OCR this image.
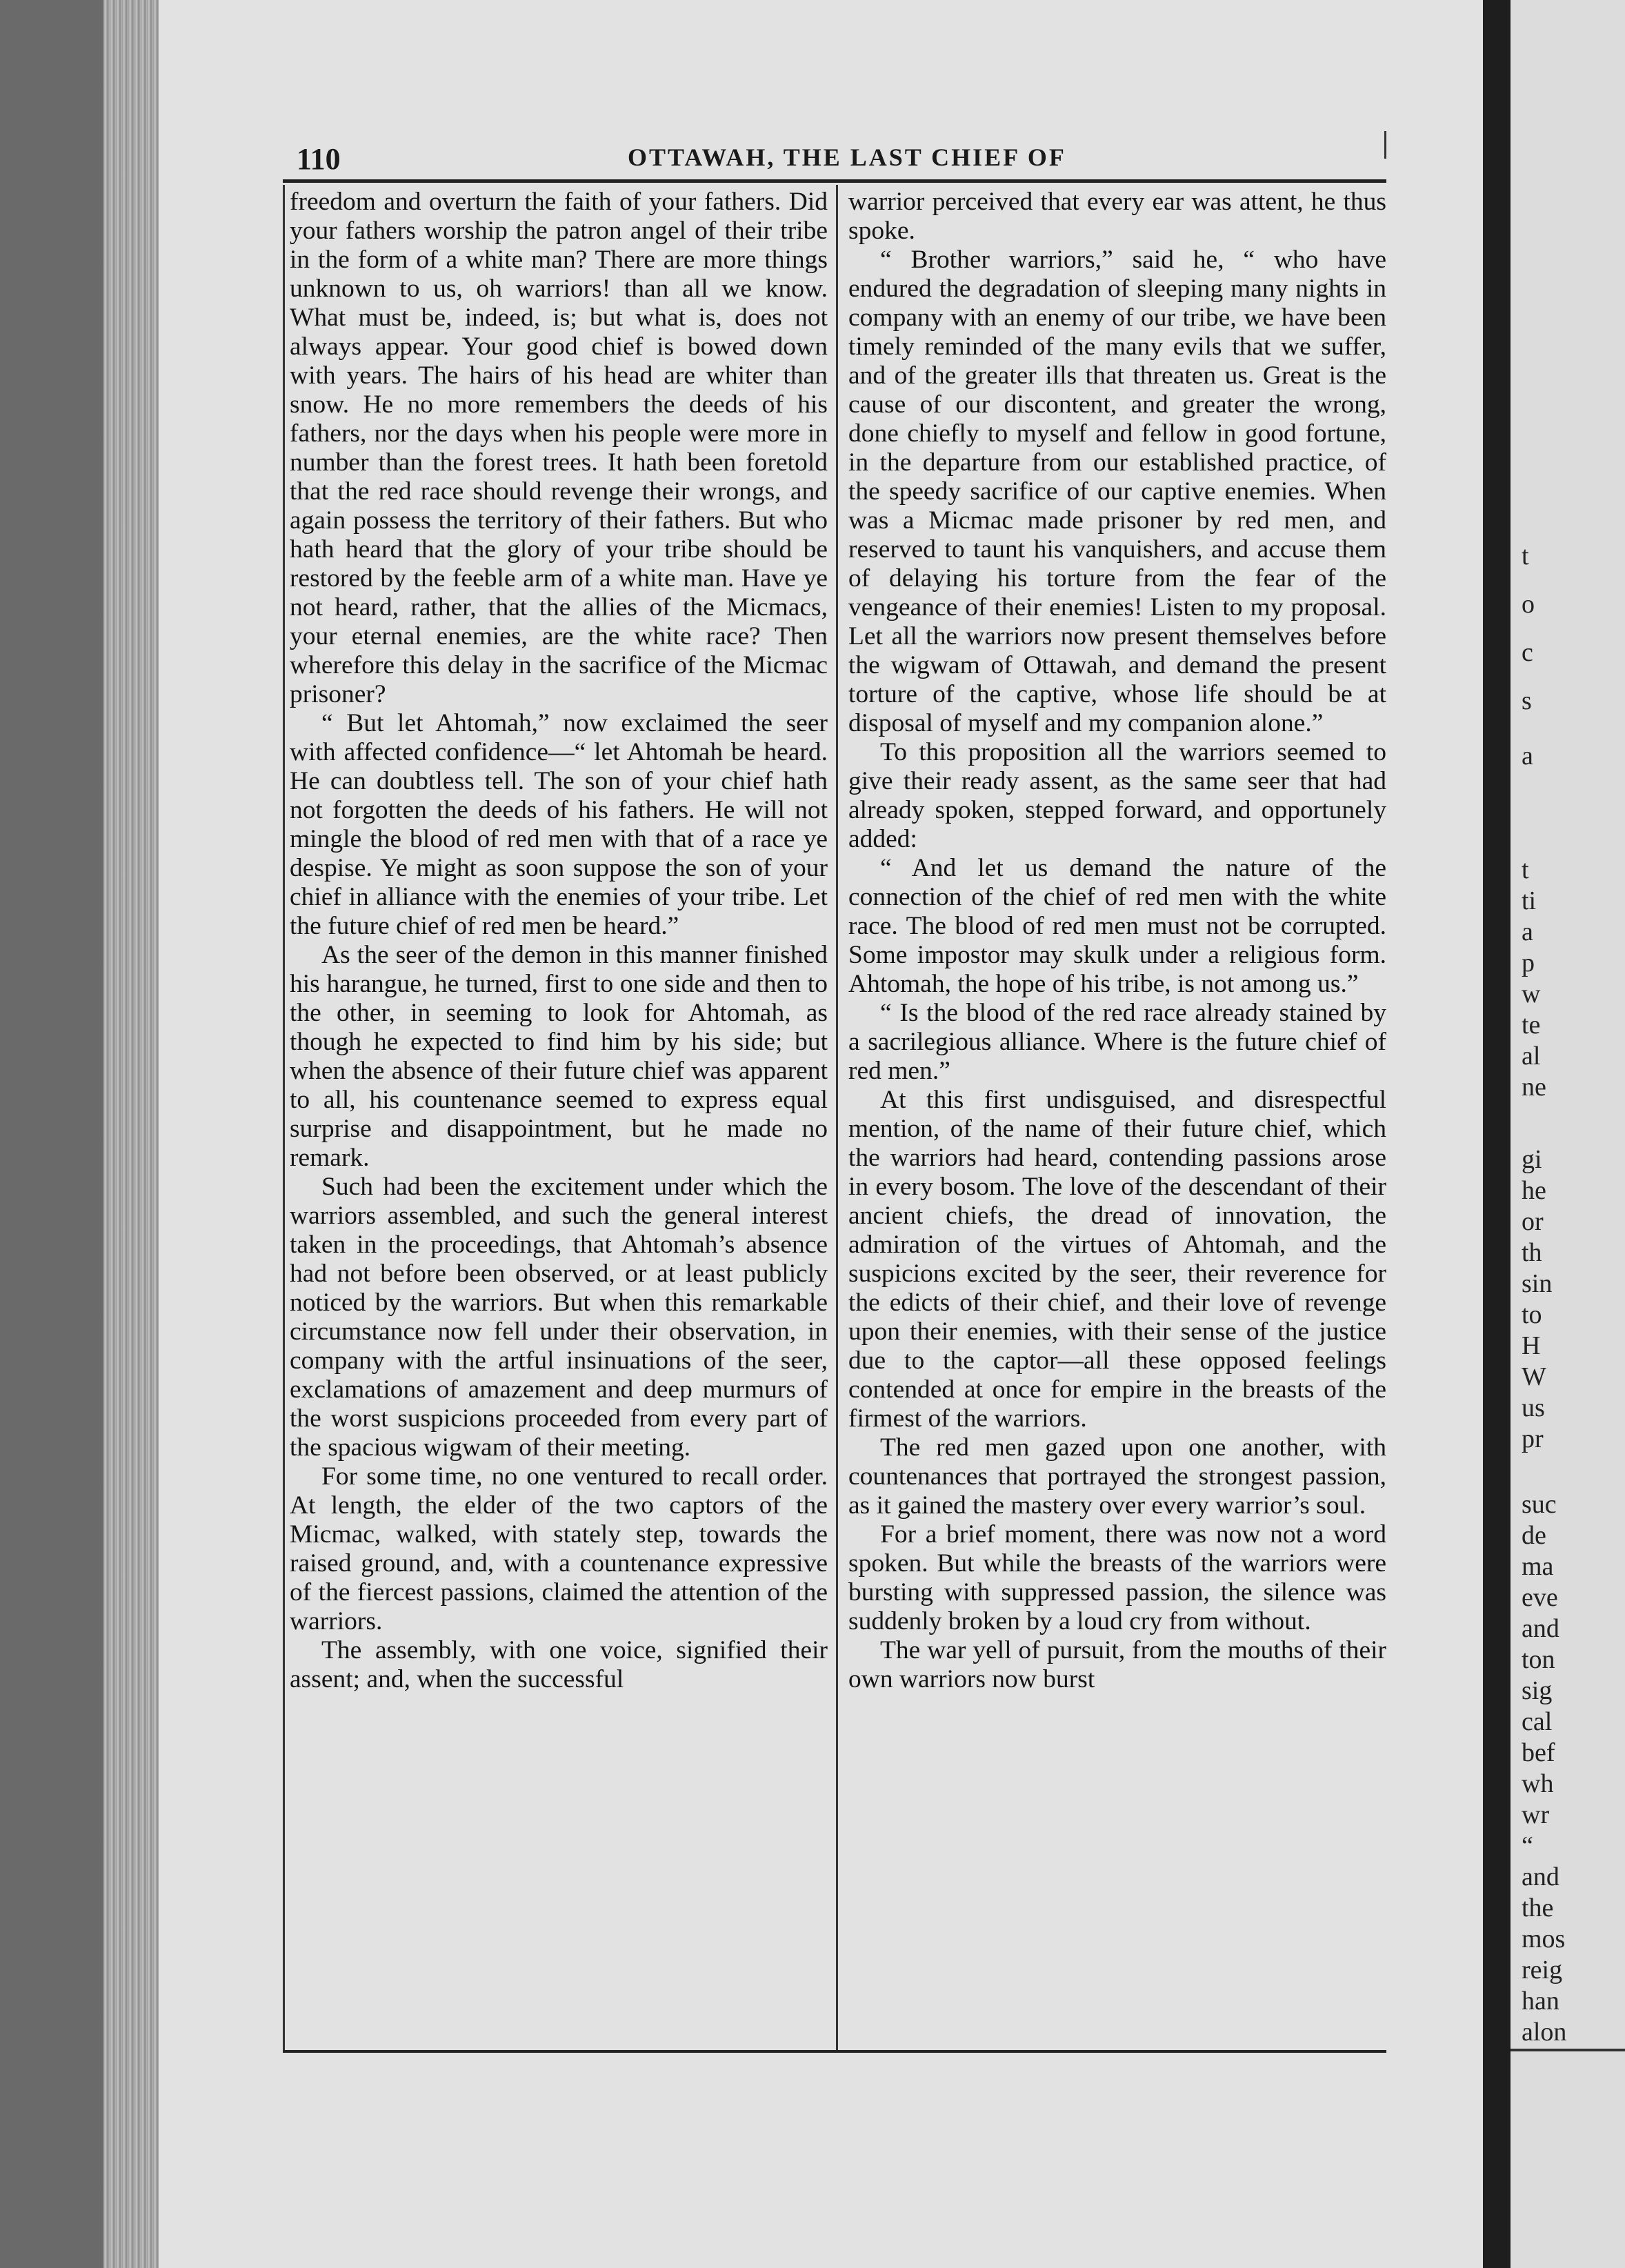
t
o
c
s
a
t
ti
a
p
w
te
al
ne
gi
he
or
th
sin
to
H
W
us
pr
suc
de
ma
eve
and
ton
sig
cal
bef
wh
wr
“
and
the
mos
reig
han
alon
110	OTTAWAH, THE LAST CHIEF OF

freedom and overturn the faith of your fathers. Did your fathers worship the patron angel of their tribe in the form of a white man? There are more things unknown to us, oh warriors! than all we know. What must be, indeed, is; but what is, does not always appear. Your good chief is bowed down with years. The hairs of his head are whiter than snow. He no more remembers the deeds of his fathers, nor the days when his people were more in number than the forest trees. It hath been foretold that the red race should revenge their wrongs, and again possess the territory of their fathers. But who hath heard that the glory of your tribe should be restored by the feeble arm of a white man. Have ye not heard, rather, that the allies of the Micmacs, your eternal enemies, are the white race? Then wherefore this delay in the sacrifice of the Micmac prisoner?

“ But let Ahtomah,” now exclaimed the seer with affected confidence—“ let Ahtomah be heard. He can doubtless tell. The son of your chief hath not forgotten the deeds of his fathers. He will not mingle the blood of red men with that of a race ye despise. Ye might as soon suppose the son of your chief in alliance with the enemies of your tribe. Let the future chief of red men be heard.”

As the seer of the demon in this manner finished his harangue, he turned, first to one side and then to the other, in seeming to look for Ahtomah, as though he expected to find him by his side; but when the absence of their future chief was apparent to all, his countenance seemed to express equal surprise and disappointment, but he made no remark.

Such had been the excitement under which the warriors assembled, and such the general interest taken in the proceedings, that Ahtomah’s absence had not before been observed, or at least publicly noticed by the warriors. But when this remarkable circumstance now fell under their observation, in company with the artful insinuations of the seer, exclamations of amazement and deep murmurs of the worst suspicions proceeded from every part of the spacious wigwam of their meeting.

For some time, no one ventured to recall order. At length, the elder of the two captors of the Micmac, walked, with stately step, towards the raised ground, and, with a countenance expressive of the fiercest passions, claimed the attention of the warriors.

The assembly, with one voice, signified their assent; and, when the successful

warrior perceived that every ear was attent, he thus spoke.

“ Brother warriors,” said he, “ who have endured the degradation of sleeping many nights in company with an enemy of our tribe, we have been timely reminded of the many evils that we suffer, and of the greater ills that threaten us. Great is the cause of our discontent, and greater the wrong, done chiefly to myself and fellow in good fortune, in the departure from our established practice, of the speedy sacrifice of our captive enemies. When was a Micmac made prisoner by red men, and reserved to taunt his vanquishers, and accuse them of delaying his torture from the fear of the vengeance of their enemies! Listen to my proposal. Let all the warriors now present themselves before the wigwam of Ottawah, and demand the present torture of the captive, whose life should be at disposal of myself and my companion alone.”

To this proposition all the warriors seemed to give their ready assent, as the same seer that had already spoken, stepped forward, and opportunely added:

“ And let us demand the nature of the connection of the chief of red men with the white race. The blood of red men must not be corrupted. Some impostor may skulk under a religious form. Ahtomah, the hope of his tribe, is not among us.”

“ Is the blood of the red race already stained by a sacrilegious alliance. Where is the future chief of red men.”

At this first undisguised, and disrespectful mention, of the name of their future chief, which the warriors had heard, contending passions arose in every bosom. The love of the descendant of their ancient chiefs, the dread of innovation, the admiration of the virtues of Ahtomah, and the suspicions excited by the seer, their reverence for the edicts of their chief, and their love of revenge upon their enemies, with their sense of the justice due to the captor—all these opposed feelings contended at once for empire in the breasts of the firmest of the warriors.

The red men gazed upon one another, with countenances that portrayed the strongest passion, as it gained the mastery over every warrior’s soul.

For a brief moment, there was now not a word spoken. But while the breasts of the warriors were bursting with suppressed passion, the silence was suddenly broken by a loud cry from without.

The war yell of pursuit, from the mouths of their own warriors now burst
